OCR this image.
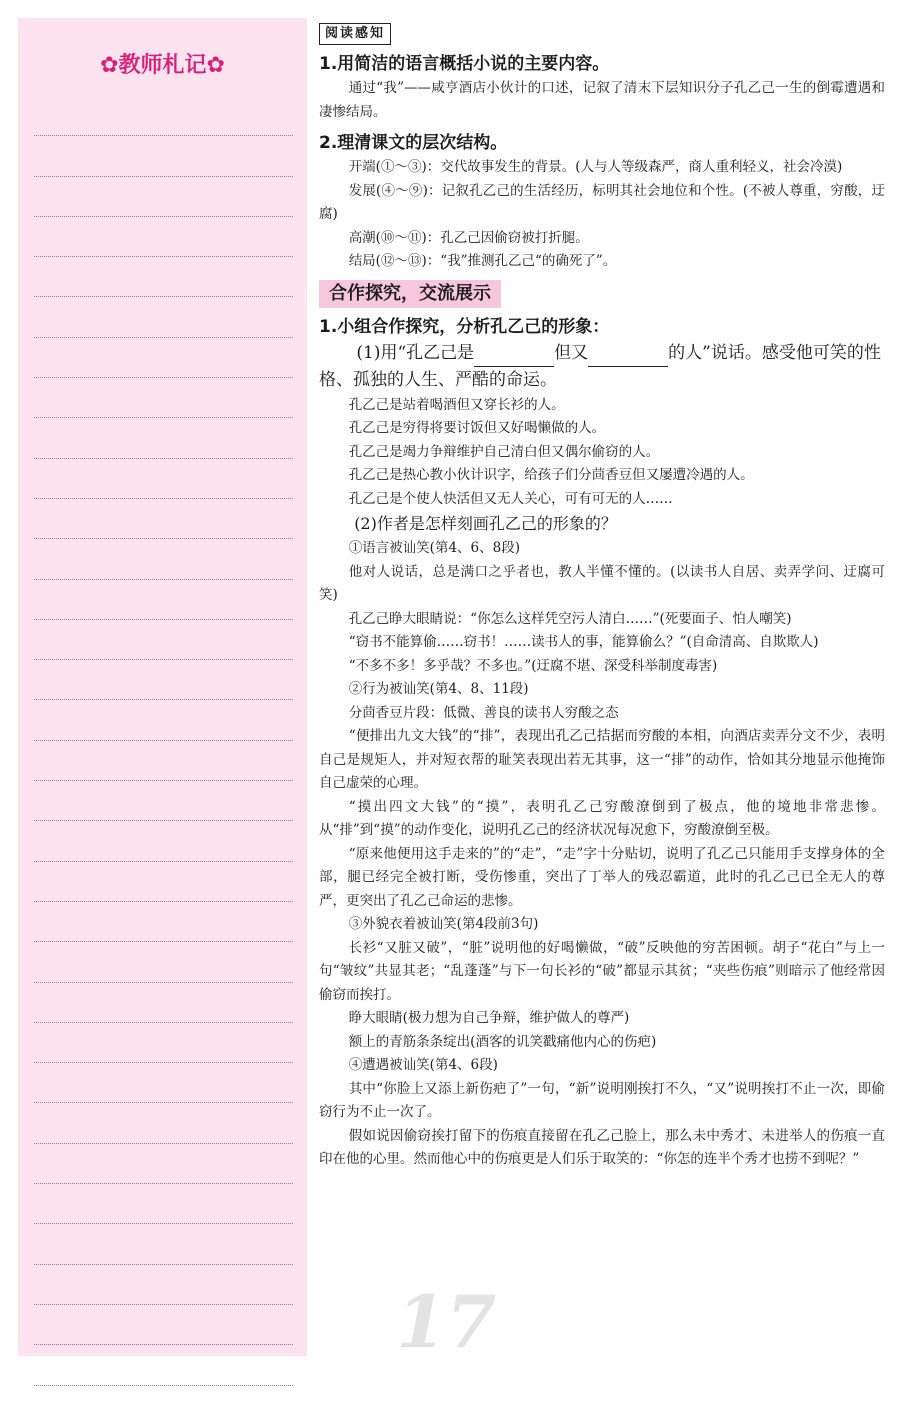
✿教师札记✿
阅读感知
1.用简洁的语言概括小说的主要内容。
通过“我”——咸亨酒店小伙计的口述，记叙了清末下层知识分子孔乙己一生的倒霉遭遇和凄惨结局。
2.理清课文的层次结构。
开端(①～③)：交代故事发生的背景。(人与人等级森严，商人重利轻义，社会冷漠)
发展(④～⑨)：记叙孔乙己的生活经历，标明其社会地位和个性。(不被人尊重，穷酸，迂腐)
高潮(⑩～⑪)：孔乙己因偷窃被打折腿。
结局(⑫～⑬)：“我”推测孔乙己“的确死了”。
合作探究，交流展示
1.小组合作探究，分析孔乙己的形象：
(1)用“孔乙己是	但又	的人”说话。感受他可笑的性格、孤独的人生、严酷的命运。
孔乙己是站着喝酒但又穿长衫的人。
孔乙己是穷得将要讨饭但又好喝懒做的人。
孔乙己是竭力争辩维护自己清白但又偶尔偷窃的人。
孔乙己是热心教小伙计识字，给孩子们分茴香豆但又屡遭冷遇的人。
孔乙己是个使人快活但又无人关心，可有可无的人……
(2)作者是怎样刻画孔乙己的形象的？
①语言被讪笑(第4、6、8段)
他对人说话，总是满口之乎者也，教人半懂不懂的。(以读书人自居、卖弄学问、迂腐可笑)
孔乙己睁大眼睛说：“你怎么这样凭空污人清白……”(死要面子、怕人嘲笑)
“窃书不能算偷……窃书！……读书人的事，能算偷么？”(自命清高、自欺欺人)
“不多不多！多乎哉？不多也。”(迂腐不堪、深受科举制度毒害)
②行为被讪笑(第4、8、11段)
分茴香豆片段：低微、善良的读书人穷酸之态
“便排出九文大钱”的“排”，表现出孔乙己拮据而穷酸的本相，向酒店卖弄分文不少，表明自己是规矩人，并对短衣帮的耻笑表现出若无其事，这一“排”的动作，恰如其分地显示他掩饰自己虚荣的心理。
“摸出四文大钱”的“摸”，表明孔乙己穷酸潦倒到了极点，他的境地非常悲惨。从“排”到“摸”的动作变化，说明孔乙己的经济状况每况愈下，穷酸潦倒至极。
“原来他便用这手走来的”的“走”，“走”字十分贴切，说明了孔乙己只能用手支撑身体的全部，腿已经完全被打断，受伤惨重，突出了丁举人的残忍霸道，此时的孔乙己已全无人的尊严，更突出了孔乙己命运的悲惨。
③外貌衣着被讪笑(第4段前3句)
长衫“又脏又破”，“脏”说明他的好喝懒做，“破”反映他的穷苦困顿。胡子“花白”与上一句“皱纹”共显其老；“乱蓬蓬”与下一句长衫的“破”都显示其贫；“夹些伤痕”则暗示了他经常因偷窃而挨打。
睁大眼睛(极力想为自己争辩，维护做人的尊严)
额上的青筋条条绽出(酒客的讥笑戳痛他内心的伤疤)
④遭遇被讪笑(第4、6段)
其中“你脸上又添上新伤疤了”一句，“新”说明刚挨打不久，“又”说明挨打不止一次，即偷窃行为不止一次了。
假如说因偷窃挨打留下的伤痕直接留在孔乙己脸上，那么未中秀才、未进举人的伤痕一直印在他的心里。然而他心中的伤痕更是人们乐于取笑的：“你怎的连半个秀才也捞不到呢？”
17
